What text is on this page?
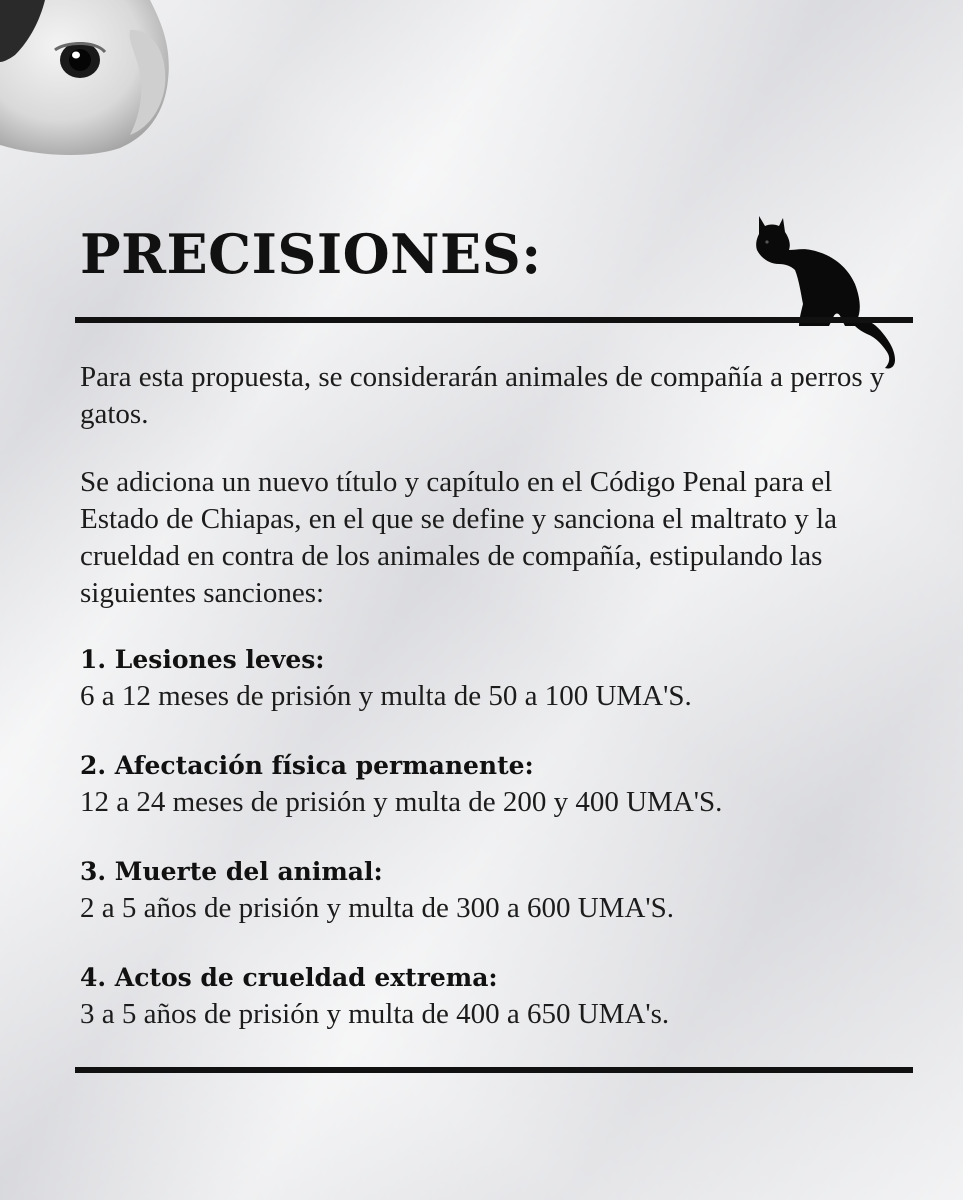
PRECISIONES:

Para esta propuesta, se considerarán animales de compañía a perros y gatos.

Se adiciona un nuevo título y capítulo en el Código Penal para el Estado de Chiapas, en el que se define y sanciona el maltrato y la crueldad en contra de los animales de compañía, estipulando las siguientes sanciones:

1. Lesiones leves:

6 a 12 meses de prisión y multa de 50 a 100 UMA'S.

2. Afectación física permanente:

12 a 24 meses de prisión y multa de 200 y 400 UMA'S.

3. Muerte del animal:

2 a 5 años de prisión y multa de 300 a 600 UMA'S.

4. Actos de crueldad extrema:

3 a 5 años de prisión y multa de 400 a 650 UMA's.
